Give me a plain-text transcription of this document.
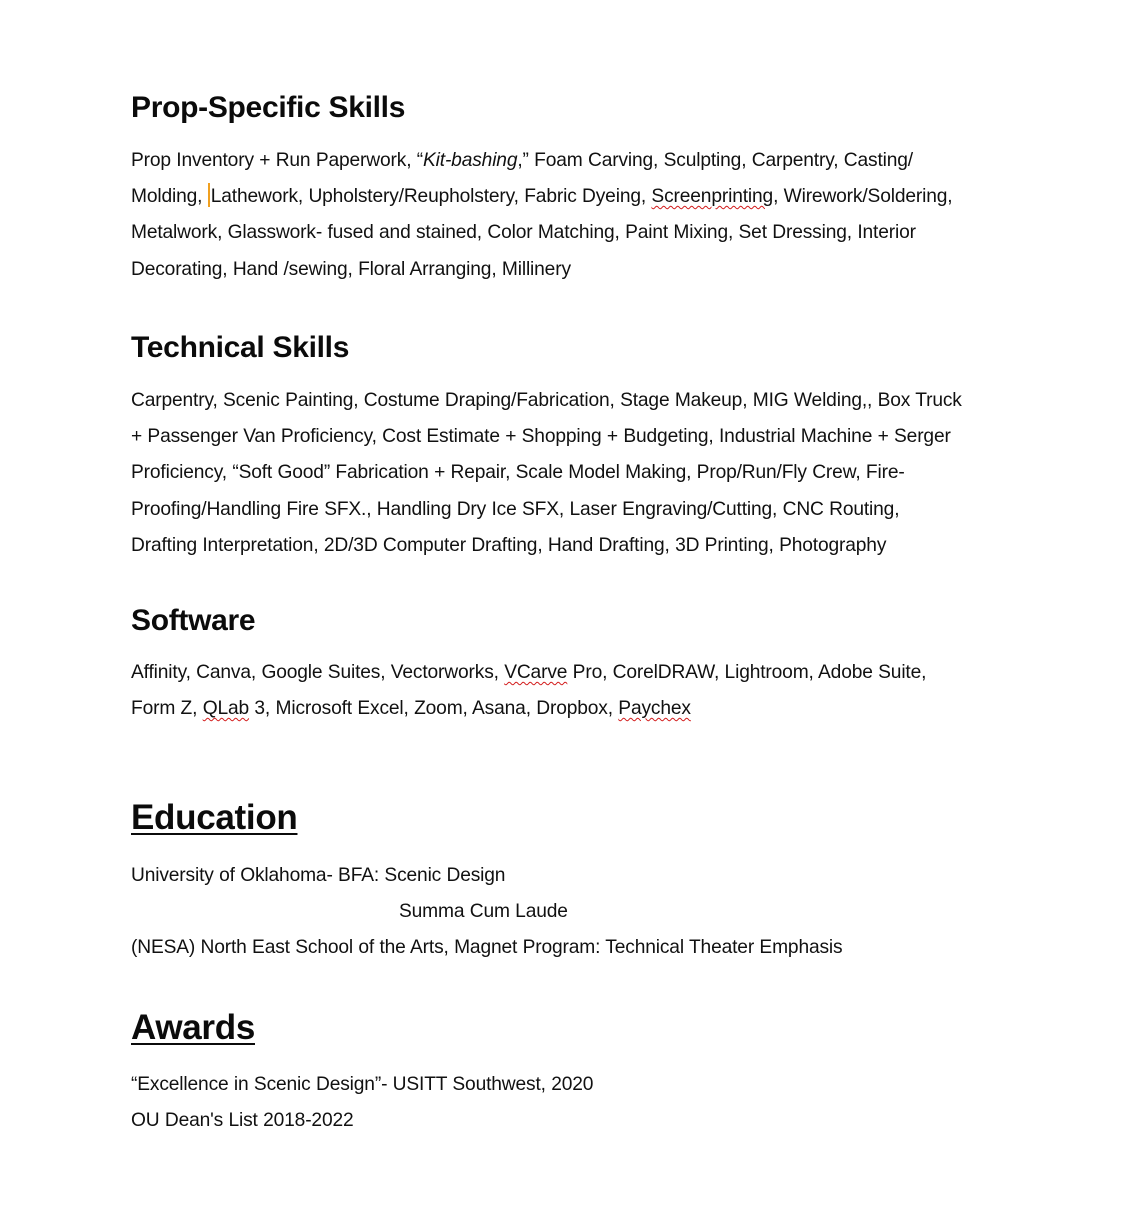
Prop-Specific Skills
Prop Inventory + Run Paperwork, “Kit-bashing,” Foam Carving, Sculpting, Carpentry, Casting/
Molding, Lathework, Upholstery/Reupholstery, Fabric Dyeing, Screenprinting, Wirework/Soldering,
Metalwork, Glasswork- fused and stained, Color Matching, Paint Mixing, Set Dressing, Interior
Decorating, Hand /sewing, Floral Arranging, Millinery
Technical Skills
Carpentry, Scenic Painting, Costume Draping/Fabrication, Stage Makeup, MIG Welding,, Box Truck
+ Passenger Van Proficiency, Cost Estimate + Shopping + Budgeting, Industrial Machine + Serger
Proficiency, “Soft Good” Fabrication + Repair, Scale Model Making, Prop/Run/Fly Crew, Fire-
Proofing/Handling Fire SFX., Handling Dry Ice SFX, Laser Engraving/Cutting, CNC Routing,
Drafting Interpretation, 2D/3D Computer Drafting, Hand Drafting, 3D Printing, Photography
Software
Affinity, Canva, Google Suites, Vectorworks, VCarve Pro, CorelDRAW, Lightroom, Adobe Suite,
Form Z, QLab 3, Microsoft Excel, Zoom, Asana, Dropbox, Paychex
Education
University of Oklahoma- BFA: Scenic Design
Summa Cum Laude
(NESA) North East School of the Arts, Magnet Program: Technical Theater Emphasis
Awards
“Excellence in Scenic Design”- USITT Southwest, 2020
OU Dean's List 2018-2022
